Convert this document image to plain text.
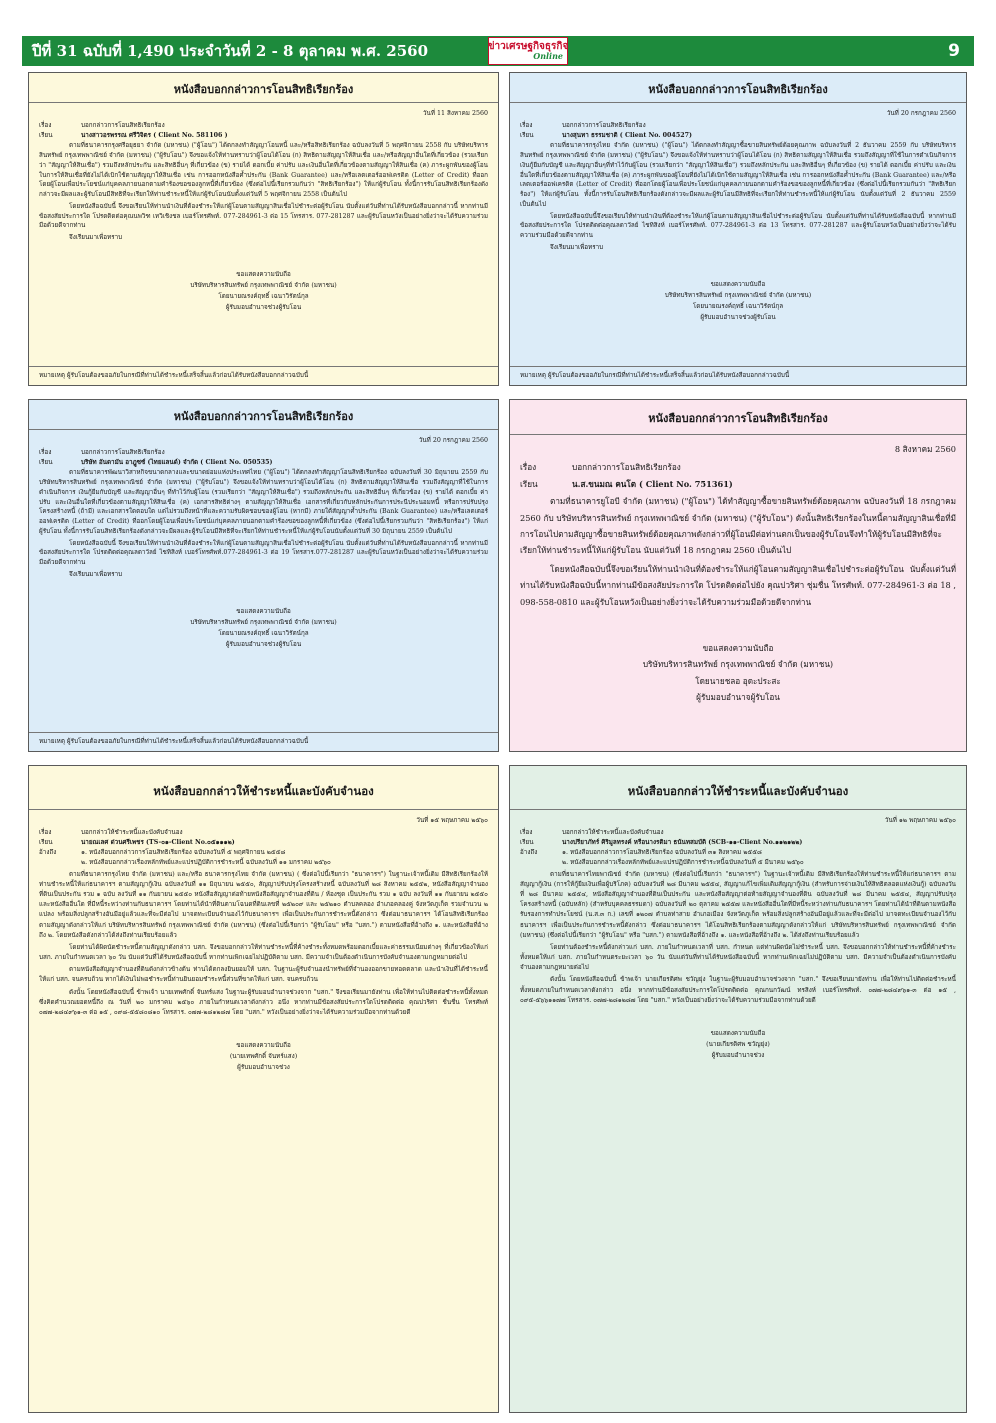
ปีที่ 31 ฉบับที่ 1,490 ประจำวันที่ 2 - 8 ตุลาคม พ.ศ. 2560	ข่าวเศรษฐกิจธุรกิจ
Online	9
หนังสือบอกกล่าวการโอนสิทธิเรียกร้อง
วันที่ 11 สิงหาคม 2560
เรื่อง	บอกกล่าวการโอนสิทธิเรียกร้อง
เรียน	นางสาวอรพรรณ ศรีวิจิตร ( Client No. 581106 )

ตามที่ธนาคารกรุงศรีอยุธยา จำกัด (มหาชน) ("ผู้โอน") ได้ตกลงทำสัญญาโอนหนี้ และ/หรือสิทธิเรียกร้อง ฉบับลงวันที่ 5 พฤศจิกายน 2558 กับ บริษัทบริหารสินทรัพย์ กรุงเทพพาณิชย์ จำกัด (มหาชน) ("ผู้รับโอน") จึงขอแจ้งให้ท่านทราบว่าผู้โอนได้โอน (ก) สิทธิตามสัญญาให้สินเชื่อ และ/หรือสัญญาอื่นใดที่เกี่ยวข้อง (รวมเรียกว่า "สัญญาให้สินเชื่อ") รวมถึงหลักประกัน และสิทธิอื่นๆ ที่เกี่ยวข้อง (ข) รายได้ ดอกเบี้ย ค่าปรับ และเงินอื่นใดที่เกี่ยวข้องตามสัญญาให้สินเชื่อ (ค) ภาระผูกพันของผู้โอนในการให้สินเชื่อที่ยังไม่ได้เบิกใช้ตามสัญญาให้สินเชื่อ เช่น การออกหนังสือค้ำประกัน (Bank Guarantee) และ/หรือเลตเตอร์ออฟเครดิต (Letter of Credit) ที่ออกโดยผู้โอนเพื่อประโยชน์แก่บุคคลภายนอกตามคำร้องขอของลูกหนี้ที่เกี่ยวข้อง (ซึ่งต่อไปนี้เรียกรวมกันว่า "สิทธิเรียกร้อง") ให้แก่ผู้รับโอน ทั้งนี้การรับโอนสิทธิเรียกร้องดังกล่าวจะมีผลและผู้รับโอนมีสิทธิที่จะเรียกให้ท่านชำระหนี้ให้แก่ผู้รับโอนนับตั้งแต่วันที่ 5 พฤศจิกายน 2558 เป็นต้นไป

โดยหนังสือฉบับนี้ จึงขอเรียนให้ท่านนำเงินที่ต้องชำระให้แก่ผู้โอนตามสัญญาสินเชื่อไปชำระต่อผู้รับโอน นับตั้งแต่วันที่ท่านได้รับหนังสือบอกกล่าวนี้ หากท่านมีข้อสงสัยประการใด โปรดติดต่อคุณนพวิฑ เทวิเชิงชล เบอร์โทรศัพท์. 077-284961-3 ต่อ 15 โทรสาร. 077-281287 และผู้รับโอนหวังเป็นอย่างยิ่งว่าจะได้รับความร่วมมือด้วยดีจากท่าน

จึงเรียนมาเพื่อทราบ

ขอแสดงความนับถือ
บริษัทบริหารสินทรัพย์ กรุงเทพพาณิชย์ จำกัด (มหาชน)
โดยนายณรงค์ฤทธิ์ เฉนาวิรัตน์กุล
ผู้รับมอบอำนาจช่วงผู้รับโอน
หมายเหตุ ผู้รับโอนต้องขออภัยในกรณีที่ท่านได้ชำระหนี้เสร็จสิ้นแล้วก่อนได้รับหนังสือบอกกล่าวฉบับนี้
หนังสือบอกกล่าวการโอนสิทธิเรียกร้อง
วันที่ 20 กรกฎาคม 2560
เรื่อง	บอกกล่าวการโอนสิทธิเรียกร้อง
เรียน	นางสุนทา ธรรมชาติ ( Client No. 004527)

ตามที่ธนาคารกรุงไทย จำกัด (มหาชน) ("ผู้โอน") ได้ตกลงทำสัญญาซื้อขายสินทรัพย์ด้อยคุณภาพ ฉบับลงวันที่ 2 ธันวาคม 2559 กับ บริษัทบริหารสินทรัพย์ กรุงเทพพาณิชย์ จำกัด (มหาชน) ("ผู้รับโอน") จึงขอแจ้งให้ท่านทราบว่าผู้โอนได้โอน (ก) สิทธิตามสัญญาให้สินเชื่อ รวมถึงสัญญาที่ใช้ในการดำเนินกิจการ เงินกู้ยืมกับบัญชี และสัญญาอื่นๆที่ทำไว้กับผู้โอน (รวมเรียกว่า "สัญญาให้สินเชื่อ") รวมถึงหลักประกัน และสิทธิอื่นๆ ที่เกี่ยวข้อง (ข) รายได้ ดอกเบี้ย ค่าปรับ และเงินอื่นใดที่เกี่ยวข้องตามสัญญาให้สินเชื่อ (ค) ภาระผูกพันของผู้โอนที่ยังไม่ได้เบิกใช้ตามสัญญาให้สินเชื่อ เช่น การออกหนังสือค้ำประกัน (Bank Guarantee) และ/หรือเลตเตอร์ออฟเครดิต (Letter of Credit) ที่ออกโดยผู้โอนเพื่อประโยชน์แก่บุคคลภายนอกตามคำร้องขอของลูกหนี้ที่เกี่ยวข้อง (ซึ่งต่อไปนี้เรียกรวมกันว่า "สิทธิเรียกร้อง") ให้แก่ผู้รับโอน ทั้งนี้การรับโอนสิทธิเรียกร้องดังกล่าวจะมีผลและผู้รับโอนมีสิทธิที่จะเรียกให้ท่านชำระหนี้ให้แก่ผู้รับโอน นับตั้งแต่วันที่ 2 ธันวาคม 2559 เป็นต้นไป

โดยหนังสือฉบับนี้จึงขอเรียนให้ท่านนำเงินที่ต้องชำระให้แก่ผู้โอนตามสัญญาสินเชื่อไปชำระต่อผู้รับโอน นับตั้งแต่วันที่ท่านได้รับหนังสือฉบับนี้ หากท่านมีข้อสงสัยประการใด โปรดติดต่อคุณลดาวัลย์ ไชทิสิงห์ เบอร์โทรศัพท์. 077-284961-3 ต่อ 13 โทรสาร. 077-281287 และผู้รับโอนหวังเป็นอย่างยิ่งว่าจะได้รับความร่วมมือด้วยดีจากท่าน

จึงเรียนมาเพื่อทราบ

ขอแสดงความนับถือ
บริษัทบริหารสินทรัพย์ กรุงเทพพาณิชย์ จำกัด (มหาชน)
โดยนายณรงค์ฤทธิ์ เฉนาวิรัตน์กุล
ผู้รับมอบอำนาจช่วงผู้รับโอน
หมายเหตุ ผู้รับโอนต้องขออภัยในกรณีที่ท่านได้ชำระหนี้เสร็จสิ้นแล้วก่อนได้รับหนังสือบอกกล่าวฉบับนี้
หนังสือบอกกล่าวการโอนสิทธิเรียกร้อง
วันที่ 20 กรกฎาคม 2560
เรื่อง	บอกกล่าวการโอนสิทธิเรียกร้อง
เรียน	บริษัท อันดามัน อาฎูซซ์ (ไทยแลนด์) จำกัด ( Client No. 050535)

ตามที่ธนาคารพัฒนาวิสาหกิจขนาดกลางและขนาดย่อมแห่งประเทศไทย ("ผู้โอน") ได้ตกลงทำสัญญาโอนสิทธิเรียกร้อง ฉบับลงวันที่ 30 มิถุนายน 2559 กับ บริษัทบริหารสินทรัพย์ กรุงเทพพาณิชย์ จำกัด (มหาชน) ("ผู้รับโอน") จึงขอแจ้งให้ท่านทราบว่าผู้โอนได้โอน (ก) สิทธิตามสัญญาให้สินเชื่อ รวมถึงสัญญาที่ใช้ในการดำเนินกิจการ เงินกู้ยืมกับบัญชี และสัญญาอื่นๆ ที่ทำไว้กับผู้โอน (รวมเรียกว่า "สัญญาให้สินเชื่อ") รวมถึงหลักประกัน และสิทธิอื่นๆ ที่เกี่ยวข้อง (ข) รายได้ ดอกเบี้ย ค่าปรับ และเงินอื่นใดที่เกี่ยวข้องตามสัญญาให้สินเชื่อ (ค) เอกสารสิทธิต่างๆ ตามสัญญาให้สินเชื่อ เอกสารที่เกี่ยวกับหลักประกันการประนีประนอมหนี้ หรือการปรับปรุงโครงสร้างหนี้ (ถ้ามี) และเอกสารใดตอบใด แต่ไม่รวมถึงหน้าที่และความรับผิดชอบของผู้โอน (หากมี) ภายใต้สัญญาค้ำประกัน (Bank Guarantee) และ/หรือเลตเตอร์ออฟเครดิต (Letter of Credit) ที่ออกโดยผู้โอนเพื่อประโยชน์แก่บุคคลภายนอกตามคำร้องขอของลูกหนี้ที่เกี่ยวข้อง (ซึ่งต่อไปนี้เรียกรวมกันว่า "สิทธิเรียกร้อง") ให้แก่ผู้รับโอน ทั้งนี้การรับโอนสิทธิเรียกร้องดังกล่าวจะมีผลและผู้รับโอนมีสิทธิที่จะเรียกให้ท่านชำระหนี้ให้แก่ผู้รับโอนนับตั้งแต่วันที่ 30 มิถุนายน 2559 เป็นต้นไป

โดยหนังสือฉบับนี้ จึงขอเรียนให้ท่านนำเงินที่ต้องชำระให้แก่ผู้โอนตามสัญญาสินเชื่อไปชำระต่อผู้รับโอน นับตั้งแต่วันที่ท่านได้รับหนังสือบอกกล่าวนี้ หากท่านมีข้อสงสัยประการใด โปรดติดต่อคุณลดาวัลย์ ไชทิสิงห์ เบอร์โทรศัพท์.077-284961-3 ต่อ 19 โทรสาร.077-281287 และผู้รับโอนหวังเป็นอย่างยิ่งว่าจะได้รับความร่วมมือด้วยดีจากท่าน

จึงเรียนมาเพื่อทราบ

ขอแสดงความนับถือ
บริษัทบริหารสินทรัพย์ กรุงเทพพาณิชย์ จำกัด (มหาชน)
โดยนายณรงค์ฤทธิ์ เฉนาวิรัตน์กุล
ผู้รับมอบอำนาจช่วงผู้รับโอน
หมายเหตุ ผู้รับโอนต้องขออภัยในกรณีที่ท่านได้ชำระหนี้เสร็จสิ้นแล้วก่อนได้รับหนังสือบอกกล่าวฉบับนี้
หนังสือบอกกล่าวการโอนสิทธิเรียกร้อง
8 สิงหาคม 2560
เรื่อง	บอกกล่าวการโอนสิทธิเรียกร้อง
เรียน	น.ส.ขนมณ คนโต ( Client No. 751361)

ตามที่ธนาคารยูโอบี จำกัด (มหาชน) ("ผู้โอน") ได้ทำสัญญาซื้อขายสินทรัพย์ด้อยคุณภาพ ฉบับลงวันที่ 18 กรกฎาคม 2560 กับ บริษัทบริหารสินทรัพย์ กรุงเทพพาณิชย์ จำกัด (มหาชน) ("ผู้รับโอน") ดังนั้นสิทธิเรียกร้องในหนี้ตามสัญญาสินเชื่อที่มีการโอนไปตามสัญญาซื้อขายสินทรัพย์ด้อยคุณภาพดังกล่าวที่ผู้โอนมีต่อท่านตกเป็นของผู้รับโอนจึงทำให้ผู้รับโอนมีสิทธิที่จะเรียกให้ท่านชำระหนี้ให้แก่ผู้รับโอน นับแต่วันที่ 18 กรกฎาคม 2560 เป็นต้นไป

โดยหนังสือฉบับนี้จึงขอเรียนให้ท่านนำเงินที่ต้องชำระให้แก่ผู้โอนตามสัญญาสินเชื่อไปชำระต่อผู้รับโอน นับตั้งแต่วันที่ท่านได้รับหนังสือฉบับนี้หากท่านมีข้อสงสัยประการใด โปรดติดต่อไปยัง คุณปวริศา ชุ่มชื่น โทรศัพท์. 077-284961-3 ต่อ 18 , 098-558-0810 และผู้รับโอนหวังเป็นอย่างยิ่งว่าจะได้รับความร่วมมือด้วยดีจากท่าน

ขอแสดงความนับถือ
บริษัทบริหารสินทรัพย์ กรุงเทพพาณิชย์ จำกัด (มหาชน)
โดยนายชลอ อุดะประสะ
ผู้รับมอบอำนาจผู้รับโอน
หนังสือบอกกล่าวให้ชำระหนี้และบังคับจำนอง
วันที่ ๑๕ พฤษภาคม ๒๕๖๐
เรื่อง	บอกกล่าวให้ชำระหนี้และบังคับจำนอง
เรียน	นายณเลศ ด่วนศรีเพชร (TS-๐๑-Client No.๐๕๑๑๑๒)
อ้างถึง	๑. หนังสือบอกกล่าวการโอนสิทธิเรียกร้อง ฉบับลงวันที่ ๕ พฤศจิกายน ๒๕๕๘
๒. หนังสือบอกกล่าวเรื่องหลักทัพย์และแปรปฏิบัติการชำระหนี้ ฉบับลงวันที่ ๑๑ มกราคม ๒๕๖๐

ตามที่ธนาคารกรุงไทย จำกัด (มหาชน) และ/หรือ ธนาคารกรุงไทย จำกัด (มหาชน) ( ซึ่งต่อไปนี้เรียกว่า "ธนาคารฯ") ในฐานะเจ้าหนี้เดิม มีสิทธิเรียกร้องให้ท่านชำระหนี้ให้แก่ธนาคารฯ ตามสัญญากู้เงิน ฉบับลงวันที่ ๑๑ มิถุนายน ๒๕๕๐, สัญญาปรับปรุงโครงสร้างหนี้ ฉบับลงวันที่ ๒๘ สิงหาคม ๒๕๕๒, หนังสือสัญญาจำนองที่ดินเป็นประกัน รวม ๑ ฉบับ ลงวันที่ ๑๑ กันยายน ๒๕๕๐ หนังสือสัญญาต่อท้ายหนังสือสัญญาจำนองที่ดิน / ห้องชุด เป็นประกัน รวม ๑ ฉบับ ลงวันที่ ๑๑ กันยายน ๒๕๕๐ และหนังสืออื่นใด ที่มีหนี้ระหว่างท่านกับธนาคารฯ โดยท่านได้นำที่ดินตามโฉนดที่ดินเลขที่ ๒๕๒๐๙ และ ๒๕๒๑๐ ตำบลคลอง อำเภอคลองคู่ จังหวัดภูเก็ต รวมจำนวน ๒ แปลง พร้อมสิ่งปลูกสร้างอันมีอยู่แล้วและที่จะมีต่อไป มาจดทะเบียนจำนองไว้กับธนาคารฯ เพื่อเป็นประกันการชำระหนี้ดังกล่าว ซึ่งต่อมาธนาคารฯ ได้โอนสิทธิเรียกร้องตามสัญญาดังกล่าวให้แก่ บริษัทบริหารสินทรัพย์ กรุงเทพพาณิชย์ จำกัด (มหาชน) (ซึ่งต่อไปนี้เรียกว่า "ผู้รับโอน" หรือ "บสก.") ตามหนังสือที่อ้างถึง ๑. และหนังสือที่อ้างถึง ๒. โดยหนังสือดังกล่าวได้ส่งถึงท่านเรียบร้อยแล้ว

โดยท่านได้ผิดนัดชำระหนี้ตามสัญญาดังกล่าว บสก. จึงขอบอกกล่าวให้ท่านชำระหนี้ที่ค้างชำระทั้งหมดพร้อมดอกเบี้ยและค่าธรรมเนียมต่างๆ ที่เกี่ยวข้องให้แก่ บสก. ภายในกำหนดเวลา ๖๐ วัน นับแต่วันที่ได้รับหนังสือฉบับนี้ หากท่านเพิกเฉยไม่ปฏิบัติตาม บสก. มีความจำเป็นต้องดำเนินการบังคับจำนองตามกฎหมายต่อไป

ตามหนังสือสัญญาจำนองที่ดินดังกล่าวข้างต้น ท่านได้ตกลงยินยอมให้ บสก. ในฐานะผู้รับจำนองนำทรัพย์ที่จำนองออกขายทอดตลาด และนำเงินที่ได้ชำระหนี้ให้แก่ บสก. จนครบถ้วน หากได้เงินไม่พอชำระหนี้ท่านยินยอมชำระหนี้ส่วนที่ขาดให้แก่ บสก. จนครบถ้วน

ดังนั้น โดยหนังสือฉบับนี้ ข้าพเจ้า นายเทพศักดิ์ จันทร์แสง ในฐานะผู้รับมอบอำนาจช่วงจาก "บสก." จึงขอเรียนมายังท่าน เพื่อให้ท่านไปติดต่อชำระหนี้ทั้งหมด ซึ่งคิดคำนวณยอดหนี้ถึง ณ วันที่ ๒๐ มกราคม ๒๕๖๐ ภายในกำหนดเวลาดังกล่าว อนึ่ง หากท่านมีข้อสงสัยประการใดโปรดติดต่อ คุณปวริศา ชื่นชื่น โทรศัพท์ ๐๗๗-๒๘๔๙๖๑-๓ ต่อ ๑๕ , ๐๙๘-๕๕๘๐๘๑๐ โทรสาร. ๐๗๗-๒๘๑๒๘๗ โดย "บสก." หวังเป็นอย่างยิ่งว่าจะได้รับความร่วมมือจากท่านด้วยดี

ขอแสดงความนับถือ
(นายเทพศักดิ์ จันทร์แสง)
ผู้รับมอบอำนาจช่วง
หนังสือบอกกล่าวให้ชำระหนี้และบังคับจำนอง
วันที่ ๑๒ พฤษภาคม ๒๕๖๐
เรื่อง	บอกกล่าวให้ชำระหนี้และบังคับจำนอง
เรียน	นางปรียาภัทร์ ศิริมูลทรงค์ หรือนางรติมา ธนันทสมบัติ (SCB-๑๑-Client No.๑๑๒๑๒๒)
อ้างถึง	๑. หนังสือบอกกล่าวการโอนสิทธิเรียกร้อง ฉบับลงวันที่ ๓๑ สิงหาคม ๒๕๕๘
๒. หนังสือบอกกล่าวเรื่องหลักทัพย์และแปรปฏิบัติการชำระหนี้ฉบับลงวันที่ ๕ มีนาคม ๒๕๖๐

ตามที่ธนาคารไทยพาณิชย์ จำกัด (มหาชน) (ซึ่งต่อไปนี้เรียกว่า "ธนาคารฯ") ในฐานะเจ้าหนี้เดิม มีสิทธิเรียกร้องให้ท่านชำระหนี้ให้แก่ธนาคารฯ ตามสัญญากู้เงิน (การให้กู้ยืมเงินเพื่อผู้บริโภค) ฉบับลงวันที่ ๒๘ มีนาคม ๒๕๕๔, สัญญาแก้ไขเพิ่มเติมสัญญากู้เงิน (สำหรับการจ่ายเงินให้สิทธิตลอดแห่งเงินกู้) ฉบับลงวันที่ ๒๘ มีนาคม ๒๕๕๔, หนังสือสัญญาจำนองที่ดินเป็นประกัน และหนังสือสัญญาต่อท้ายสัญญาจำนองที่ดิน ฉบับลงวันที่ ๒๘ มีนาคม ๒๕๕๔, สัญญาปรับปรุงโครงสร้างหนี้ (ฉบับหลัก) (สำหรับบุคคลธรรมดา) ฉบับลงวันที่ ๒๐ ตุลาคม ๒๕๕๗ และหนังสืออื่นใดที่มีหนี้ระหว่างท่านกับธนาคารฯ โดยท่านได้นำที่ดินตามหนังสือรับรองการทำประโยชน์ (น.ส.๓ ก.) เลขที่ ๑๒๐๗ ตำบลท่าสาย อำเภอเมือง จังหวัดภูเก็ต พร้อมสิ่งปลูกสร้างอันมีอยู่แล้วและที่จะมีต่อไป มาจดทะเบียนจำนองไว้กับธนาคารฯ เพื่อเป็นประกันการชำระหนี้ดังกล่าว ซึ่งต่อมาธนาคารฯ ได้โอนสิทธิเรียกร้องตามสัญญาดังกล่าวให้แก่ บริษัทบริหารสินทรัพย์ กรุงเทพพาณิชย์ จำกัด (มหาชน) (ซึ่งต่อไปนี้เรียกว่า "ผู้รับโอน" หรือ "บสก.") ตามหนังสือที่อ้างถึง ๑. และหนังสือที่อ้างถึง ๒. ได้ส่งถึงท่านเรียบร้อยแล้ว

โดยท่านต้องชำระหนี้ดังกล่าวแก่ บสก. ภายในกำหนดเวลาที่ บสก. กำหนด แต่ท่านผิดนัดไม่ชำระหนี้ บสก. จึงขอบอกกล่าวให้ท่านชำระหนี้ที่ค้างชำระทั้งหมดให้แก่ บสก. ภายในกำหนดระยะเวลา ๖๐ วัน นับแต่วันที่ท่านได้รับหนังสือฉบับนี้ หากท่านเพิกเฉยไม่ปฏิบัติตาม บสก. มีความจำเป็นต้องดำเนินการบังคับจำนองตามกฎหมายต่อไป

ดังนั้น โดยหนังสือฉบับนี้ ข้าพเจ้า นายเกียรติศพ ชวัญยุ่ง ในฐานะผู้รับมอบอำนาจช่วงจาก "บสก." จึงขอเรียนมายังท่าน เพื่อให้ท่านไปติดต่อชำระหนี้ทั้งหมดภายในกำหนดเวลาดังกล่าว อนึ่ง หากท่านมีข้อสงสัยประการใดโปรดติดต่อ คุณกนกวัฒน์ ทรสิงห์ เบอร์โทรศัพท์. ๐๗๗-๒๘๔๙๖๑-๓ ต่อ ๑๕ , ๐๙๕-๕๖๖๑๑๗๗ โทรสาร. ๐๗๗-๒๘๑๒๘๗ โดย "บสก." หวังเป็นอย่างยิ่งว่าจะได้รับความร่วมมือจากท่านด้วยดี

ขอแสดงความนับถือ
(นายเกียรติศพ ชวัญยุ่ง)
ผู้รับมอบอำนาจช่วง
